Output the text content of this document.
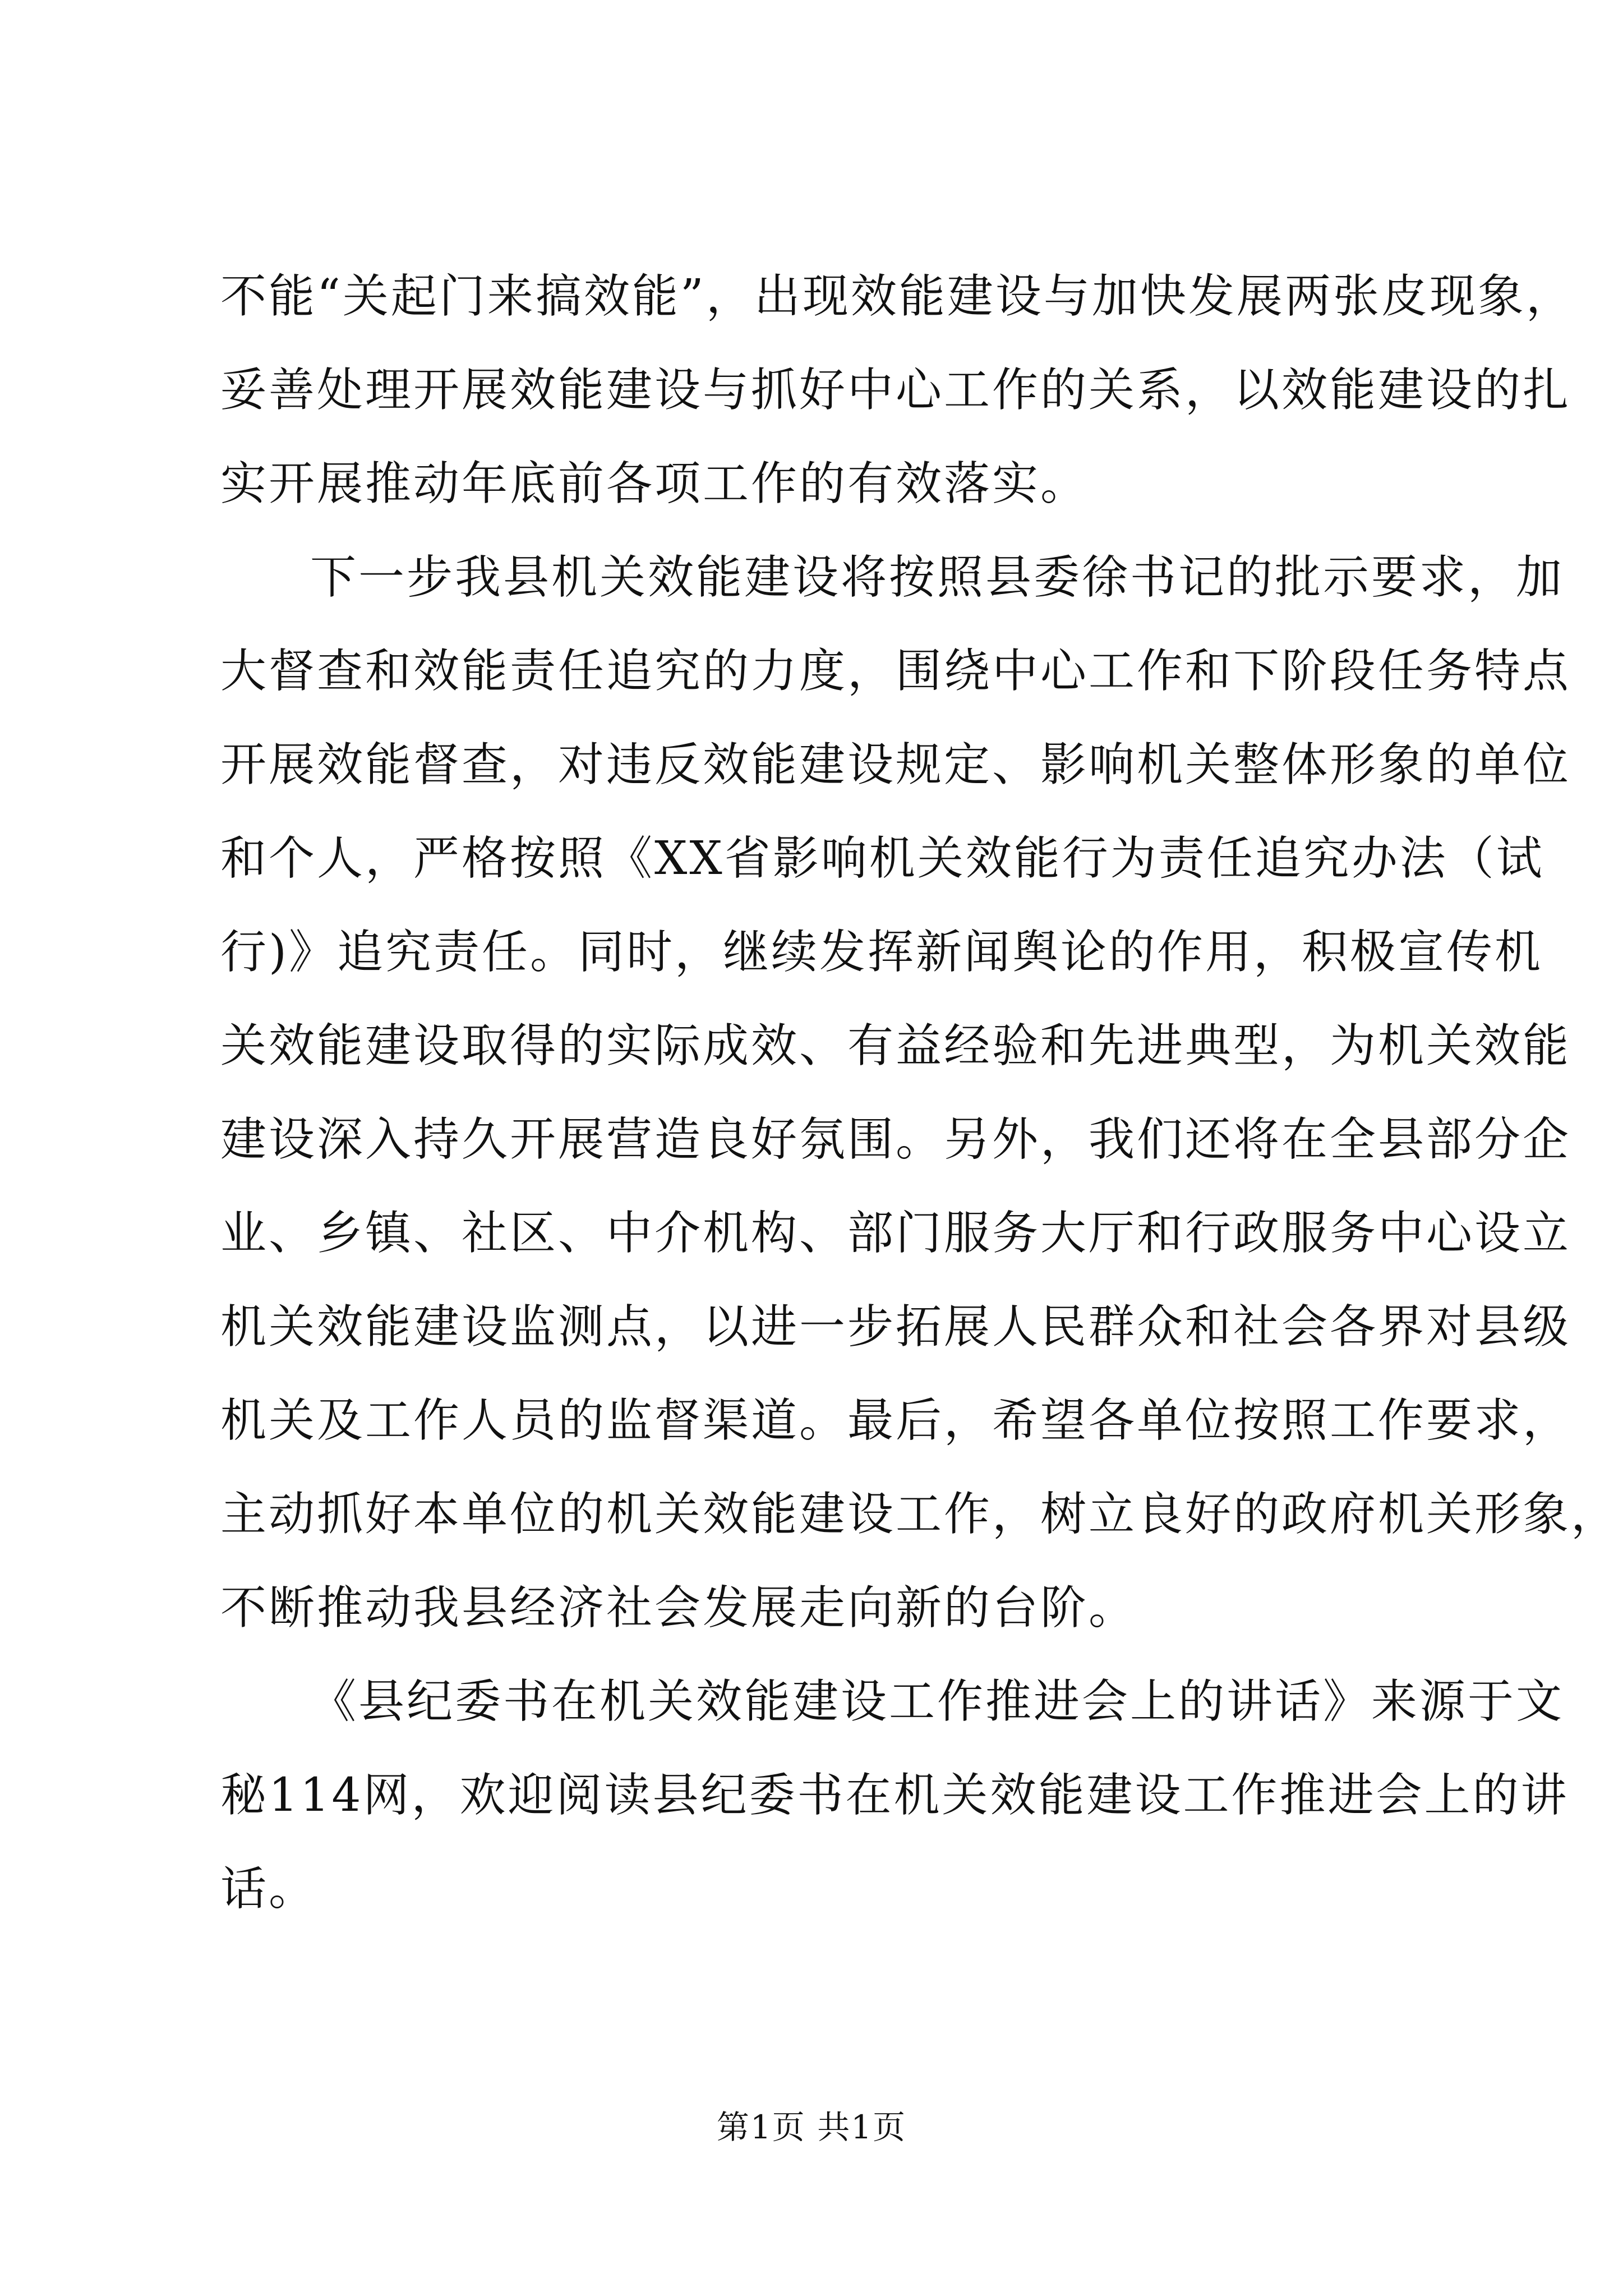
不能“关起门来搞效能”，出现效能建设与加快发展两张皮现象，
妥善处理开展效能建设与抓好中心工作的关系，以效能建设的扎
实开展推动年底前各项工作的有效落实。
下一步我县机关效能建设将按照县委徐书记的批示要求，加
大督查和效能责任追究的力度，围绕中心工作和下阶段任务特点
开展效能督查，对违反效能建设规定、影响机关整体形象的单位
和个人，严格按照《XX省影响机关效能行为责任追究办法（试
行)》追究责任。同时，继续发挥新闻舆论的作用，积极宣传机
关效能建设取得的实际成效、有益经验和先进典型，为机关效能
建设深入持久开展营造良好氛围。另外，我们还将在全县部分企
业、乡镇、社区、中介机构、部门服务大厅和行政服务中心设立
机关效能建设监测点，以进一步拓展人民群众和社会各界对县级
机关及工作人员的监督渠道。最后，希望各单位按照工作要求，
主动抓好本单位的机关效能建设工作，树立良好的政府机关形象，
不断推动我县经济社会发展走向新的台阶。
《县纪委书在机关效能建设工作推进会上的讲话》来源于文
秘114网，欢迎阅读县纪委书在机关效能建设工作推进会上的讲
话。
第1页 共1页
